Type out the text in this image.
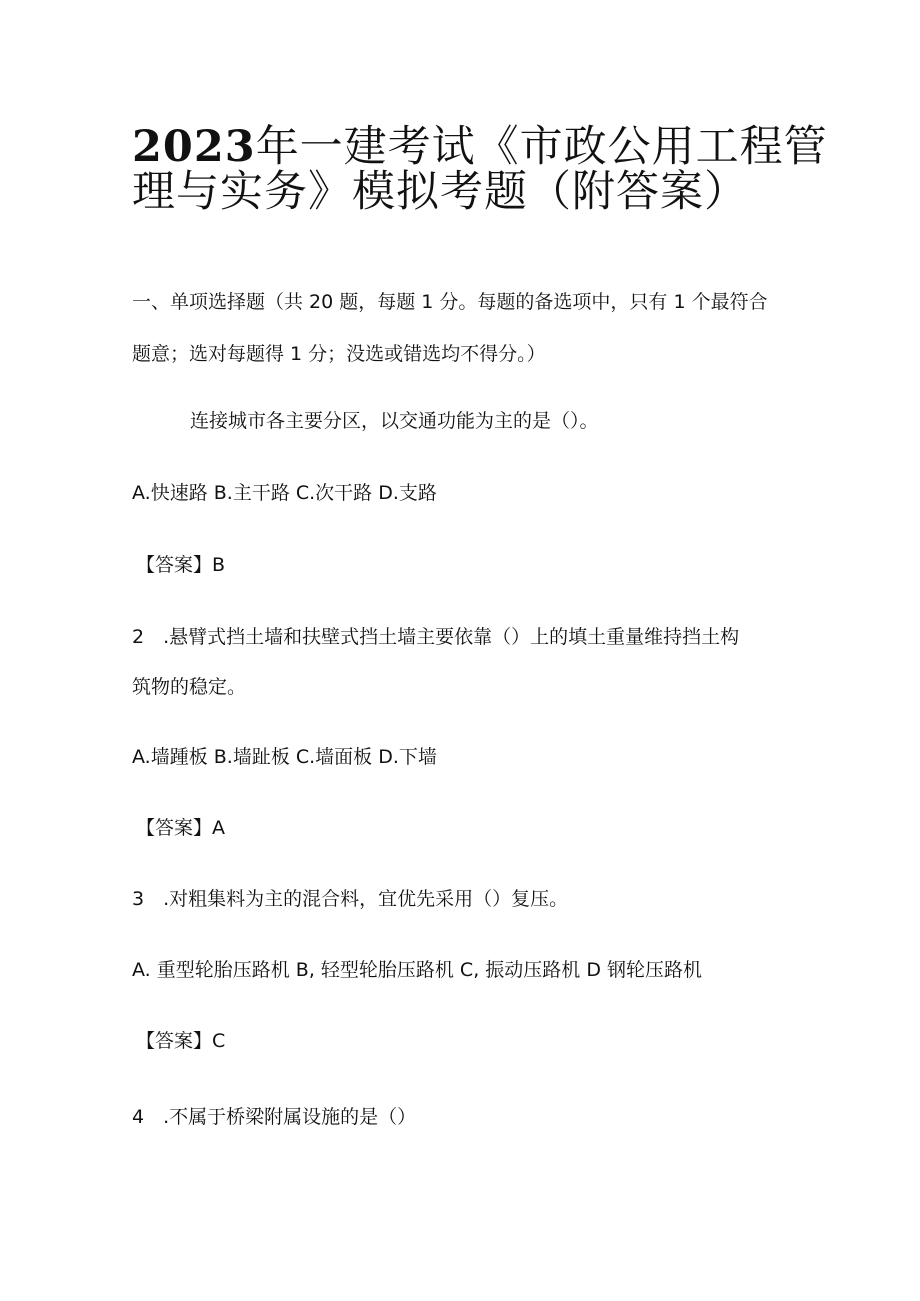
2023年一建考试《市政公用工程管
理与实务》模拟考题（附答案）
一、单项选择题（共 20 题，每题 1 分。每题的备选项中，只有 1 个最符合
题意；选对每题得 1 分；没选或错选均不得分。）
连接城市各主要分区，以交通功能为主的是（）。
A.快速路 B.主干路 C.次干路 D.支路
【答案】B
2　.悬臂式挡土墙和扶壁式挡土墙主要依靠（）上的填土重量维持挡土构
筑物的稳定。
A.墙踵板 B.墙趾板 C.墙面板 D.下墙
【答案】A
3　.对粗集料为主的混合料，宜优先采用（）复压。
A. 重型轮胎压路机 B, 轻型轮胎压路机 C, 振动压路机 D 钢轮压路机
【答案】C
4　.不属于桥梁附属设施的是（）
